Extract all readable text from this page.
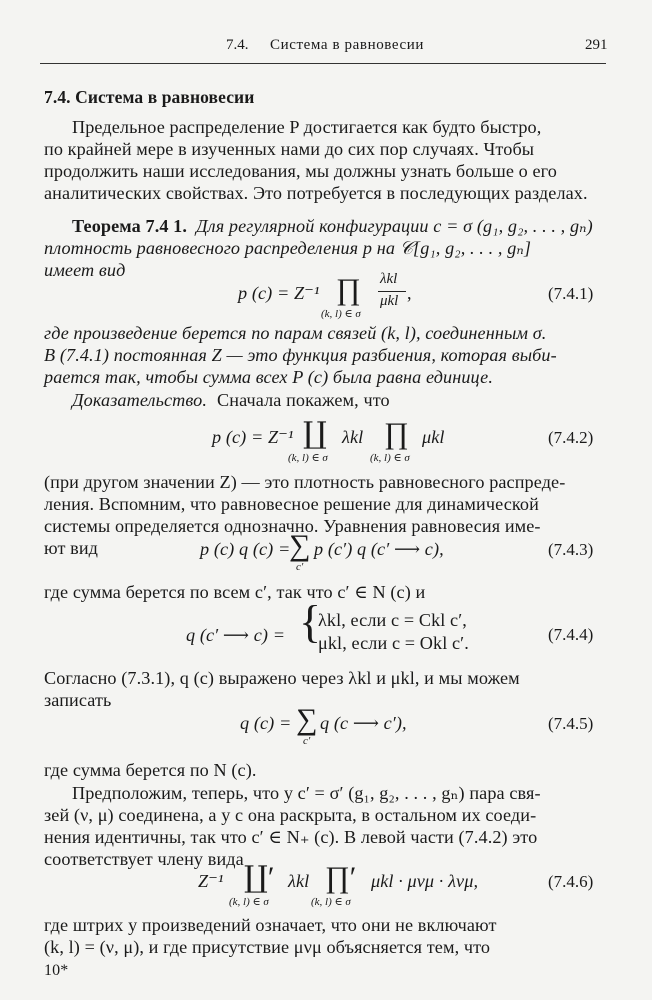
7.4. Система в равновесии	291
7.4. Система в равновесии
Предельное распределение P достигается как будто быстро,
по крайней мере в изученных нами до сих пор случаях. Чтобы
продолжить наши исследования, мы должны узнать больше о его
аналитических свойствах. Это потребуется в последующих разделах.
Теорема 7.4 1. Для регулярной конфигурации c = σ (g₁, g₂, . . . , gₙ)
плотность равновесного распределения p на 𝒞[g₁, g₂, . . . , gₙ]
имеет вид
p (c) = Z⁻¹ ∏
(k, l) ∈ σ
λkl
μkl ,	(7.4.1)
где произведение берется по парам связей (k, l), соединенным σ.
В (7.4.1) постоянная Z — это функция разбиения, которая выби-
рается так, чтобы сумма всех P (c) была равна единице.
Доказательство. Сначала покажем, что
p (c) = Z⁻¹ ∐
(k, l) ∈ σ
λkl ∏
(k, l) ∈ σ
μkl	(7.4.2)
(при другом значении Z) — это плотность равновесного распреде-
ления. Вспомним, что равновесное решение для динамической
системы определяется однозначно. Уравнения равновесия име-
ют вид	p (c) q (c) =
∑
c′
p (c′) q (c′ ⟶ c),	(7.4.3)
где сумма берется по всем c′, так что c′ ∈ N (c) и
q (c′ ⟶ c) = {
λkl, если c = Ckl c′,
μkl, если c = Okl c′.	(7.4.4)
Согласно (7.3.1), q (c) выражено через λkl и μkl, и мы можем
записать
q (c) = ∑
c′
q (c ⟶ c′),	(7.4.5)
где сумма берется по N (c).
Предположим, теперь, что у c′ = σ′ (g₁, g₂, . . . , gₙ) пара свя-
зей (ν, μ) соединена, а у c она раскрыта, в остальном их соеди-
нения идентичны, так что c′ ∈ N₊ (c). В левой части (7.4.2) это
соответствует члену вида
Z⁻¹ ∐′
(k, l) ∈ σ
λkl ∏′
(k, l) ∈ σ
μkl · μνμ · λνμ,	(7.4.6)
где штрих у произведений означает, что они не включают
(k, l) = (ν, μ), и где присутствие μνμ объясняется тем, что
10*
